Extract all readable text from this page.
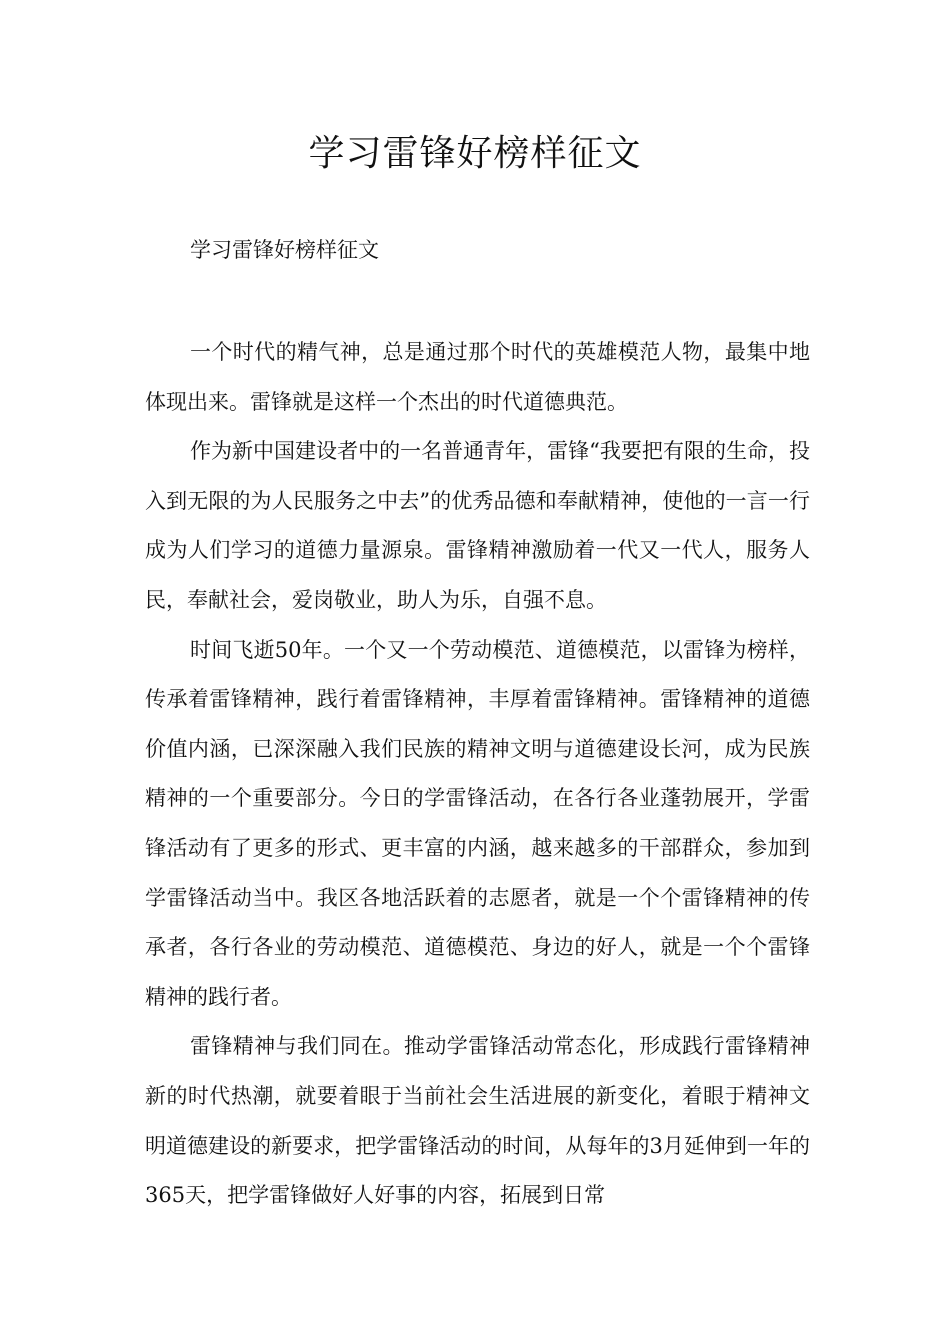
学习雷锋好榜样征文

学习雷锋好榜样征文

一个时代的精气神，总是通过那个时代的英雄模范人物，最集中地体现出来。雷锋就是这样一个杰出的时代道德典范。

作为新中国建设者中的一名普通青年，雷锋“我要把有限的生命，投入到无限的为人民服务之中去”的优秀品德和奉献精神，使他的一言一行成为人们学习的道德力量源泉。雷锋精神激励着一代又一代人，服务人民，奉献社会，爱岗敬业，助人为乐，自强不息。

时间飞逝50年。一个又一个劳动模范、道德模范，以雷锋为榜样，传承着雷锋精神，践行着雷锋精神，丰厚着雷锋精神。雷锋精神的道德价值内涵，已深深融入我们民族的精神文明与道德建设长河，成为民族精神的一个重要部分。今日的学雷锋活动，在各行各业蓬勃展开，学雷锋活动有了更多的形式、更丰富的内涵，越来越多的干部群众，参加到学雷锋活动当中。我区各地活跃着的志愿者，就是一个个雷锋精神的传承者，各行各业的劳动模范、道德模范、身边的好人，就是一个个雷锋精神的践行者。

雷锋精神与我们同在。推动学雷锋活动常态化，形成践行雷锋精神新的时代热潮，就要着眼于当前社会生活进展的新变化，着眼于精神文明道德建设的新要求，把学雷锋活动的时间，从每年的3月延伸到一年的365天，把学雷锋做好人好事的内容，拓展到日常
